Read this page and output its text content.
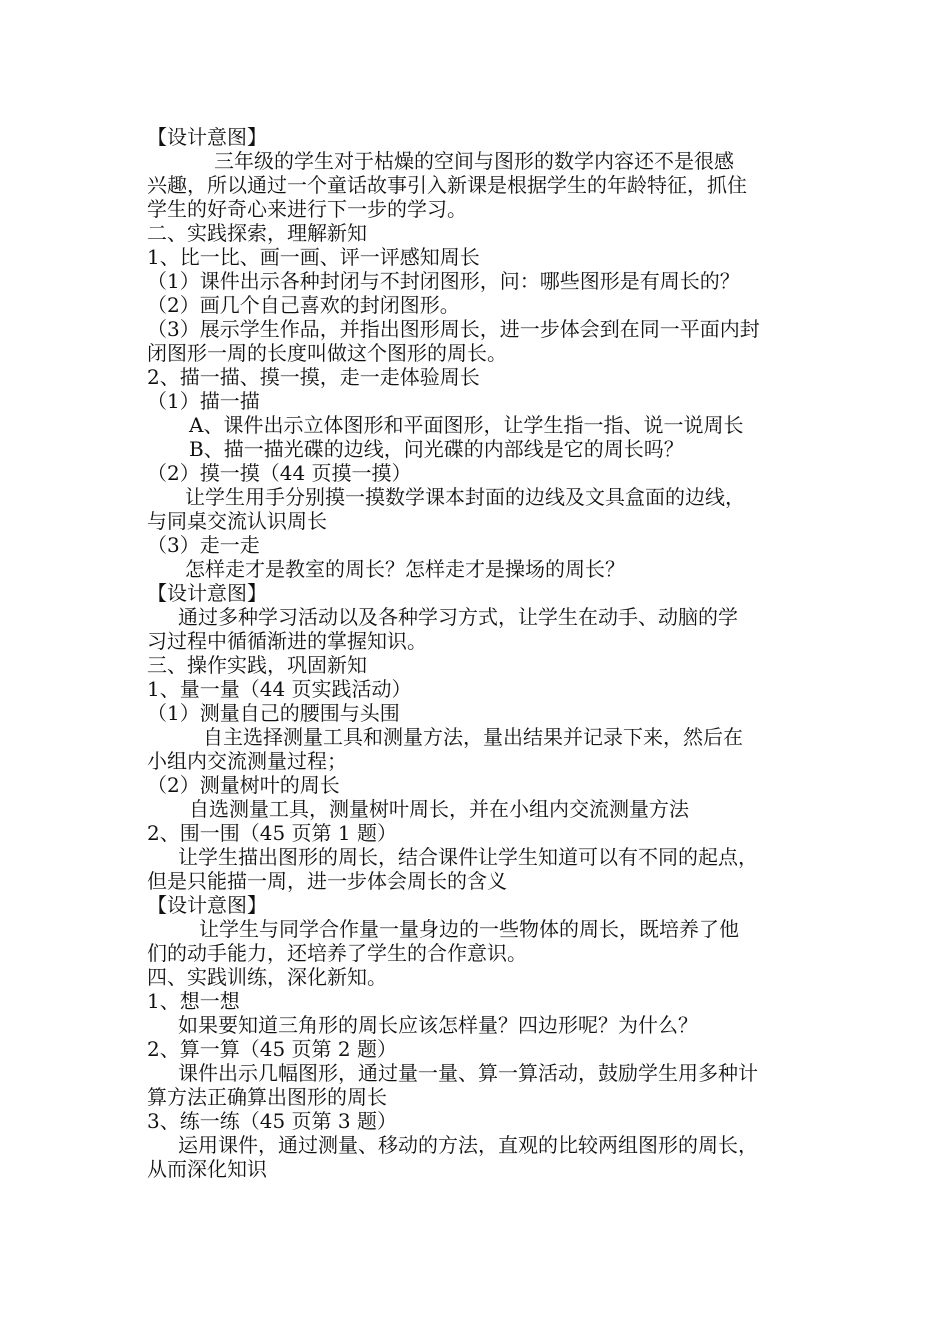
【设计意图】
三年级的学生对于枯燥的空间与图形的数学内容还不是很感
兴趣，所以通过一个童话故事引入新课是根据学生的年龄特征，抓住
学生的好奇心来进行下一步的学习。
二、实践探索，理解新知
1、比一比、画一画、评一评感知周长
（1）课件出示各种封闭与不封闭图形，问：哪些图形是有周长的？
（2）画几个自己喜欢的封闭图形。
（3）展示学生作品，并指出图形周长，进一步体会到在同一平面内封
闭图形一周的长度叫做这个图形的周长。
2、描一描、摸一摸，走一走体验周长
（1）描一描
A、课件出示立体图形和平面图形，让学生指一指、说一说周长
B、描一描光碟的边线，问光碟的内部线是它的周长吗？
（2）摸一摸（44 页摸一摸）
让学生用手分别摸一摸数学课本封面的边线及文具盒面的边线，
与同桌交流认识周长
（3）走一走
怎样走才是教室的周长？怎样走才是操场的周长？
【设计意图】
通过多种学习活动以及各种学习方式，让学生在动手、动脑的学
习过程中循循渐进的掌握知识。
三、操作实践，巩固新知
1、量一量（44 页实践活动）
（1）测量自己的腰围与头围
自主选择测量工具和测量方法，量出结果并记录下来，然后在
小组内交流测量过程；
（2）测量树叶的周长
自选测量工具，测量树叶周长，并在小组内交流测量方法
2、围一围（45 页第 1 题）
让学生描出图形的周长，结合课件让学生知道可以有不同的起点，
但是只能描一周，进一步体会周长的含义
【设计意图】
让学生与同学合作量一量身边的一些物体的周长，既培养了他
们的动手能力，还培养了学生的合作意识。
四、实践训练，深化新知。
1、想一想
如果要知道三角形的周长应该怎样量？四边形呢？为什么？
2、算一算（45 页第 2 题）
课件出示几幅图形，通过量一量、算一算活动，鼓励学生用多种计
算方法正确算出图形的周长
3、练一练（45 页第 3 题）
运用课件，通过测量、移动的方法，直观的比较两组图形的周长，
从而深化知识
